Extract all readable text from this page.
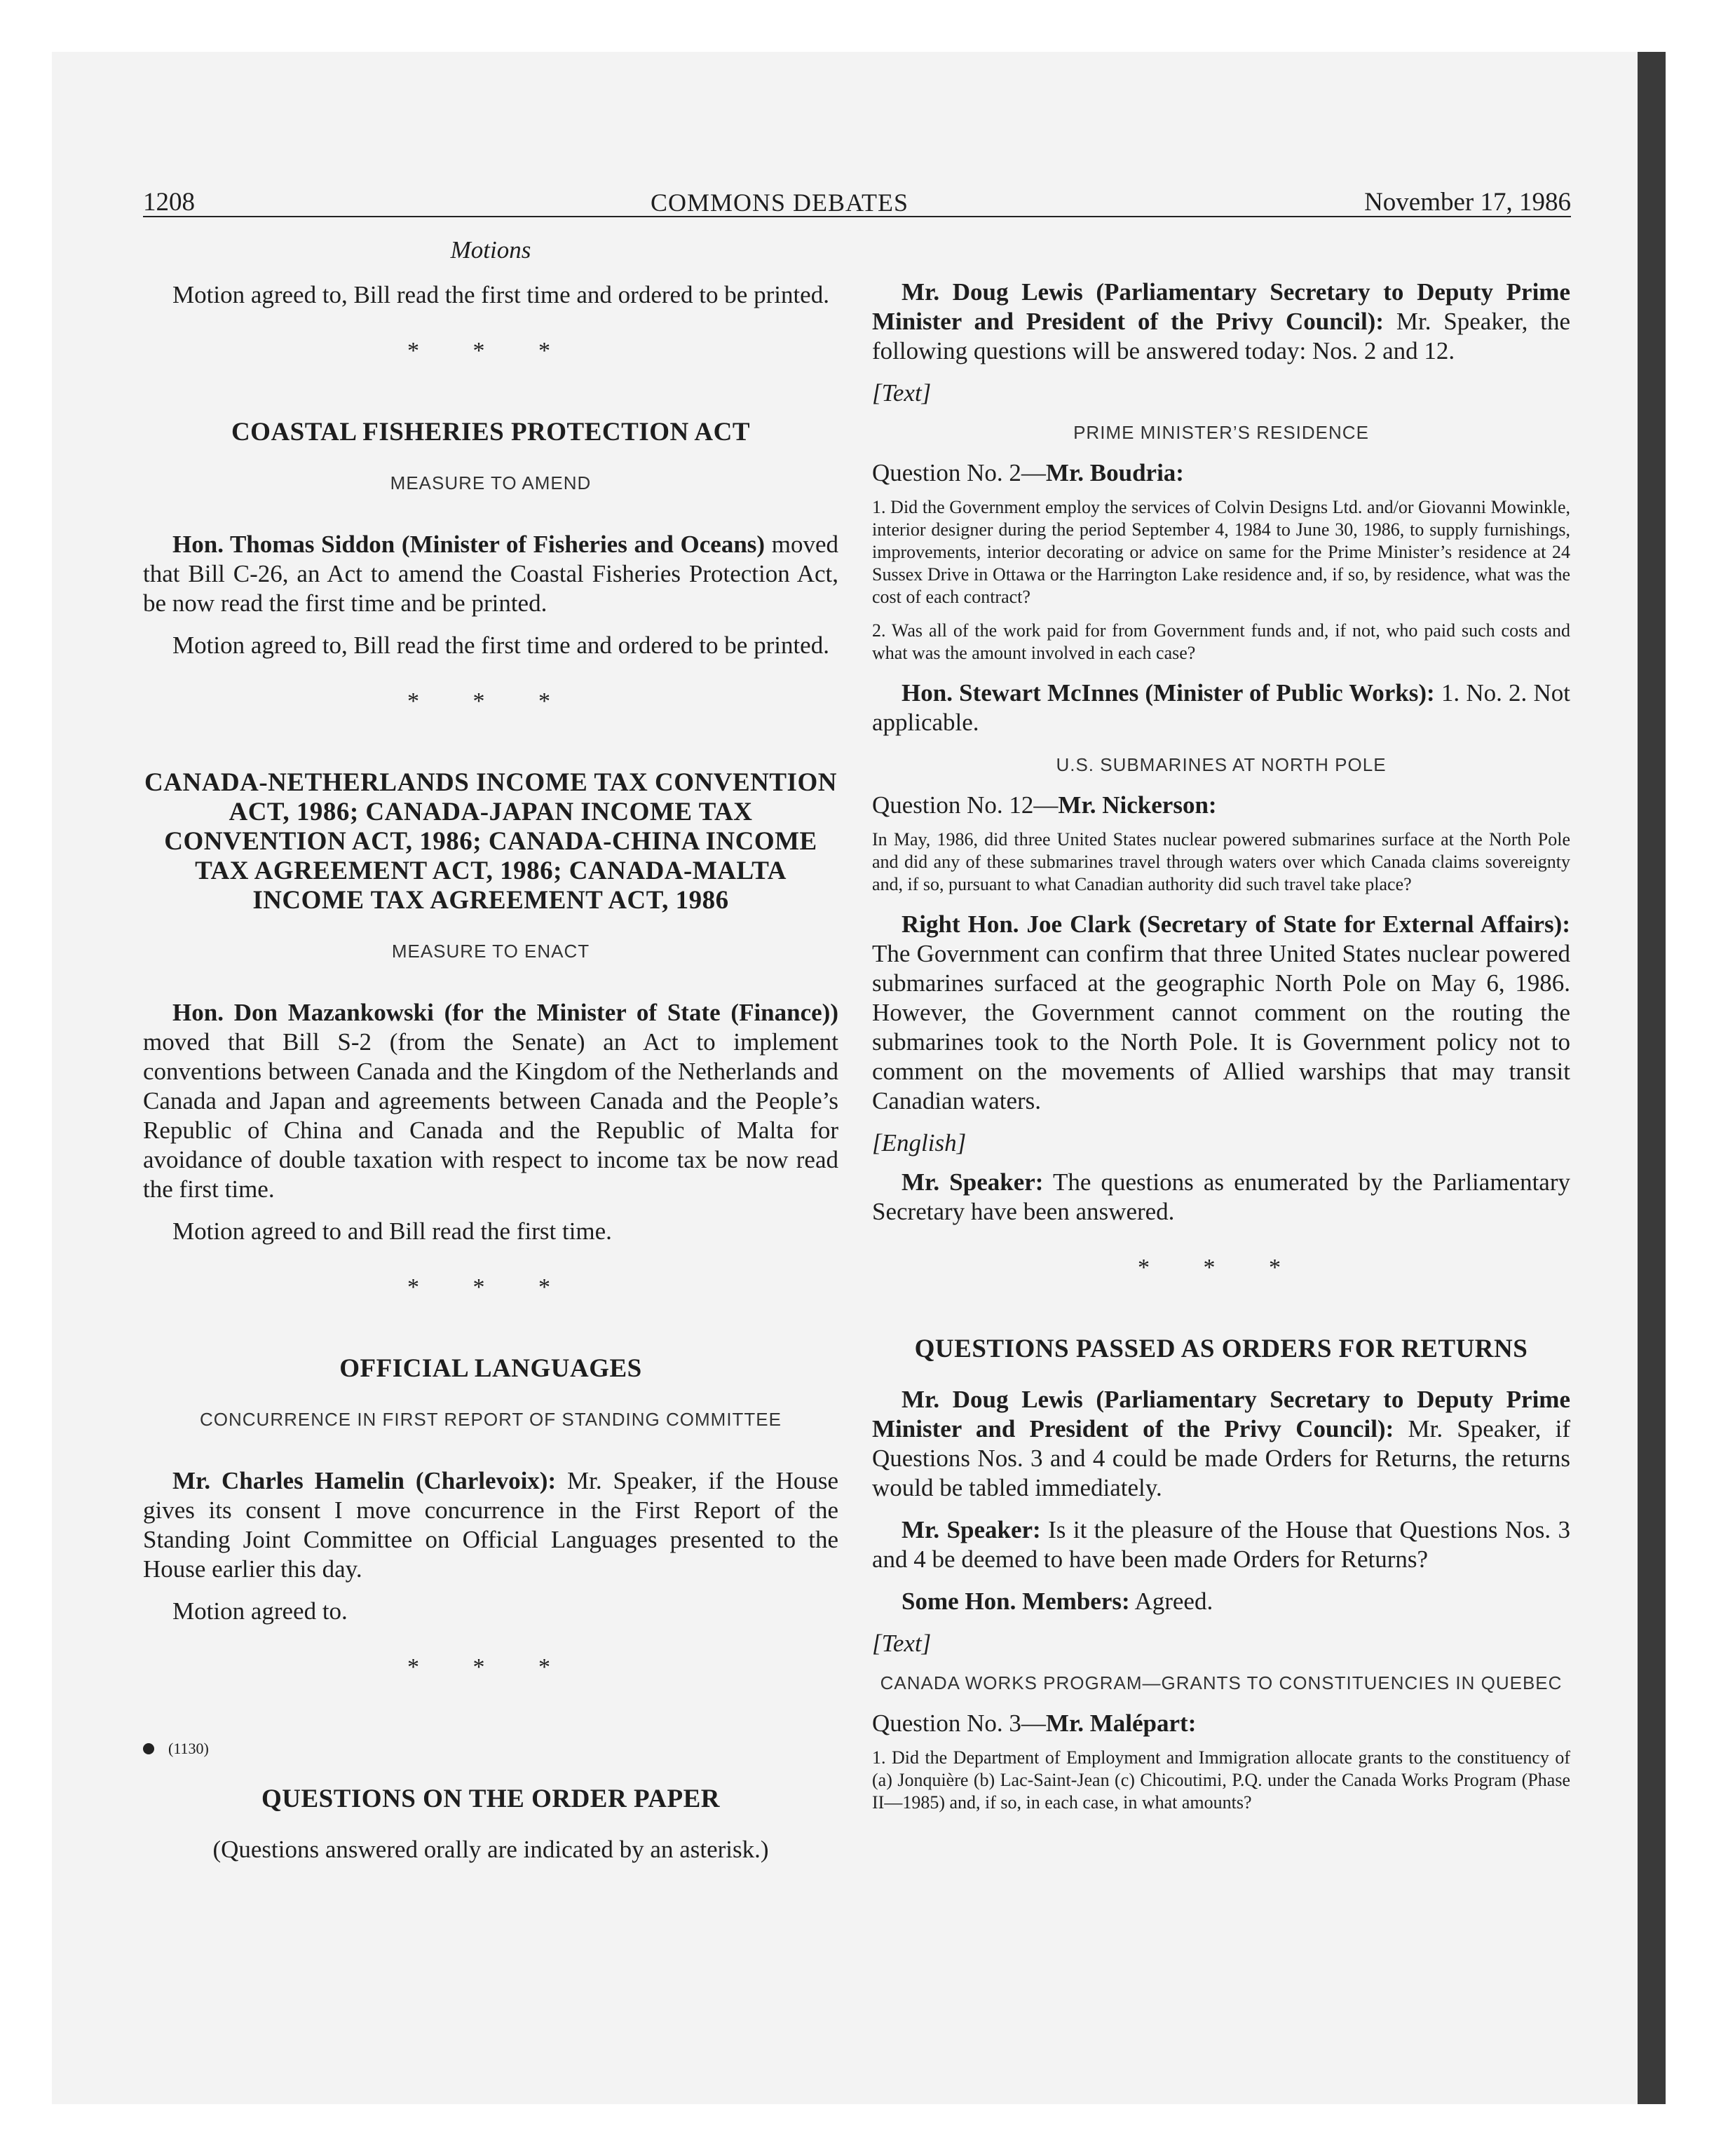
1208	COMMONS DEBATES	November 17, 1986
Motions

Motion agreed to, Bill read the first time and ordered to be printed.

* * *
COASTAL FISHERIES PROTECTION ACT
MEASURE TO AMEND

Hon. Thomas Siddon (Minister of Fisheries and Oceans) moved that Bill C-26, an Act to amend the Coastal Fisheries Protection Act, be now read the first time and be printed.

Motion agreed to, Bill read the first time and ordered to be printed.

* * *
CANADA-NETHERLANDS INCOME TAX CONVENTION ACT, 1986; CANADA-JAPAN INCOME TAX CONVENTION ACT, 1986; CANADA-CHINA INCOME TAX AGREEMENT ACT, 1986; CANADA-MALTA INCOME TAX AGREEMENT ACT, 1986
MEASURE TO ENACT

Hon. Don Mazankowski (for the Minister of State (Finance)) moved that Bill S-2 (from the Senate) an Act to implement conventions between Canada and the Kingdom of the Netherlands and Canada and Japan and agreements between Canada and the People’s Republic of China and Canada and the Republic of Malta for avoidance of double taxation with respect to income tax be now read the first time.

Motion agreed to and Bill read the first time.

* * *
OFFICIAL LANGUAGES
CONCURRENCE IN FIRST REPORT OF STANDING COMMITTEE

Mr. Charles Hamelin (Charlevoix): Mr. Speaker, if the House gives its consent I move concurrence in the First Report of the Standing Joint Committee on Official Languages presented to the House earlier this day.

Motion agreed to.

* * *
(1130)
QUESTIONS ON THE ORDER PAPER

(Questions answered orally are indicated by an asterisk.)

Mr. Doug Lewis (Parliamentary Secretary to Deputy Prime Minister and President of the Privy Council): Mr. Speaker, the following questions will be answered today: Nos. 2 and 12.

[Text]
PRIME MINISTER’S RESIDENCE

Question No. 2—Mr. Boudria:

1. Did the Government employ the services of Colvin Designs Ltd. and/or Giovanni Mowinkle, interior designer during the period September 4, 1984 to June 30, 1986, to supply furnishings, improvements, interior decorating or advice on same for the Prime Minister’s residence at 24 Sussex Drive in Ottawa or the Harrington Lake residence and, if so, by residence, what was the cost of each contract?

2. Was all of the work paid for from Government funds and, if not, who paid such costs and what was the amount involved in each case?

Hon. Stewart McInnes (Minister of Public Works): 1. No. 2. Not applicable.

U.S. SUBMARINES AT NORTH POLE

Question No. 12—Mr. Nickerson:

In May, 1986, did three United States nuclear powered submarines surface at the North Pole and did any of these submarines travel through waters over which Canada claims sovereignty and, if so, pursuant to what Canadian authority did such travel take place?

Right Hon. Joe Clark (Secretary of State for External Affairs): The Government can confirm that three United States nuclear powered submarines surfaced at the geographic North Pole on May 6, 1986. However, the Government cannot comment on the routing the submarines took to the North Pole. It is Government policy not to comment on the movements of Allied warships that may transit Canadian waters.

[English]

Mr. Speaker: The questions as enumerated by the Parliamentary Secretary have been answered.

* * *
QUESTIONS PASSED AS ORDERS FOR RETURNS

Mr. Doug Lewis (Parliamentary Secretary to Deputy Prime Minister and President of the Privy Council): Mr. Speaker, if Questions Nos. 3 and 4 could be made Orders for Returns, the returns would be tabled immediately.

Mr. Speaker: Is it the pleasure of the House that Questions Nos. 3 and 4 be deemed to have been made Orders for Returns?

Some Hon. Members: Agreed.

[Text]
CANADA WORKS PROGRAM—GRANTS TO CONSTITUENCIES IN QUEBEC

Question No. 3—Mr. Malépart:

1. Did the Department of Employment and Immigration allocate grants to the constituency of (a) Jonquière (b) Lac-Saint-Jean (c) Chicoutimi, P.Q. under the Canada Works Program (Phase II—1985) and, if so, in each case, in what amounts?
